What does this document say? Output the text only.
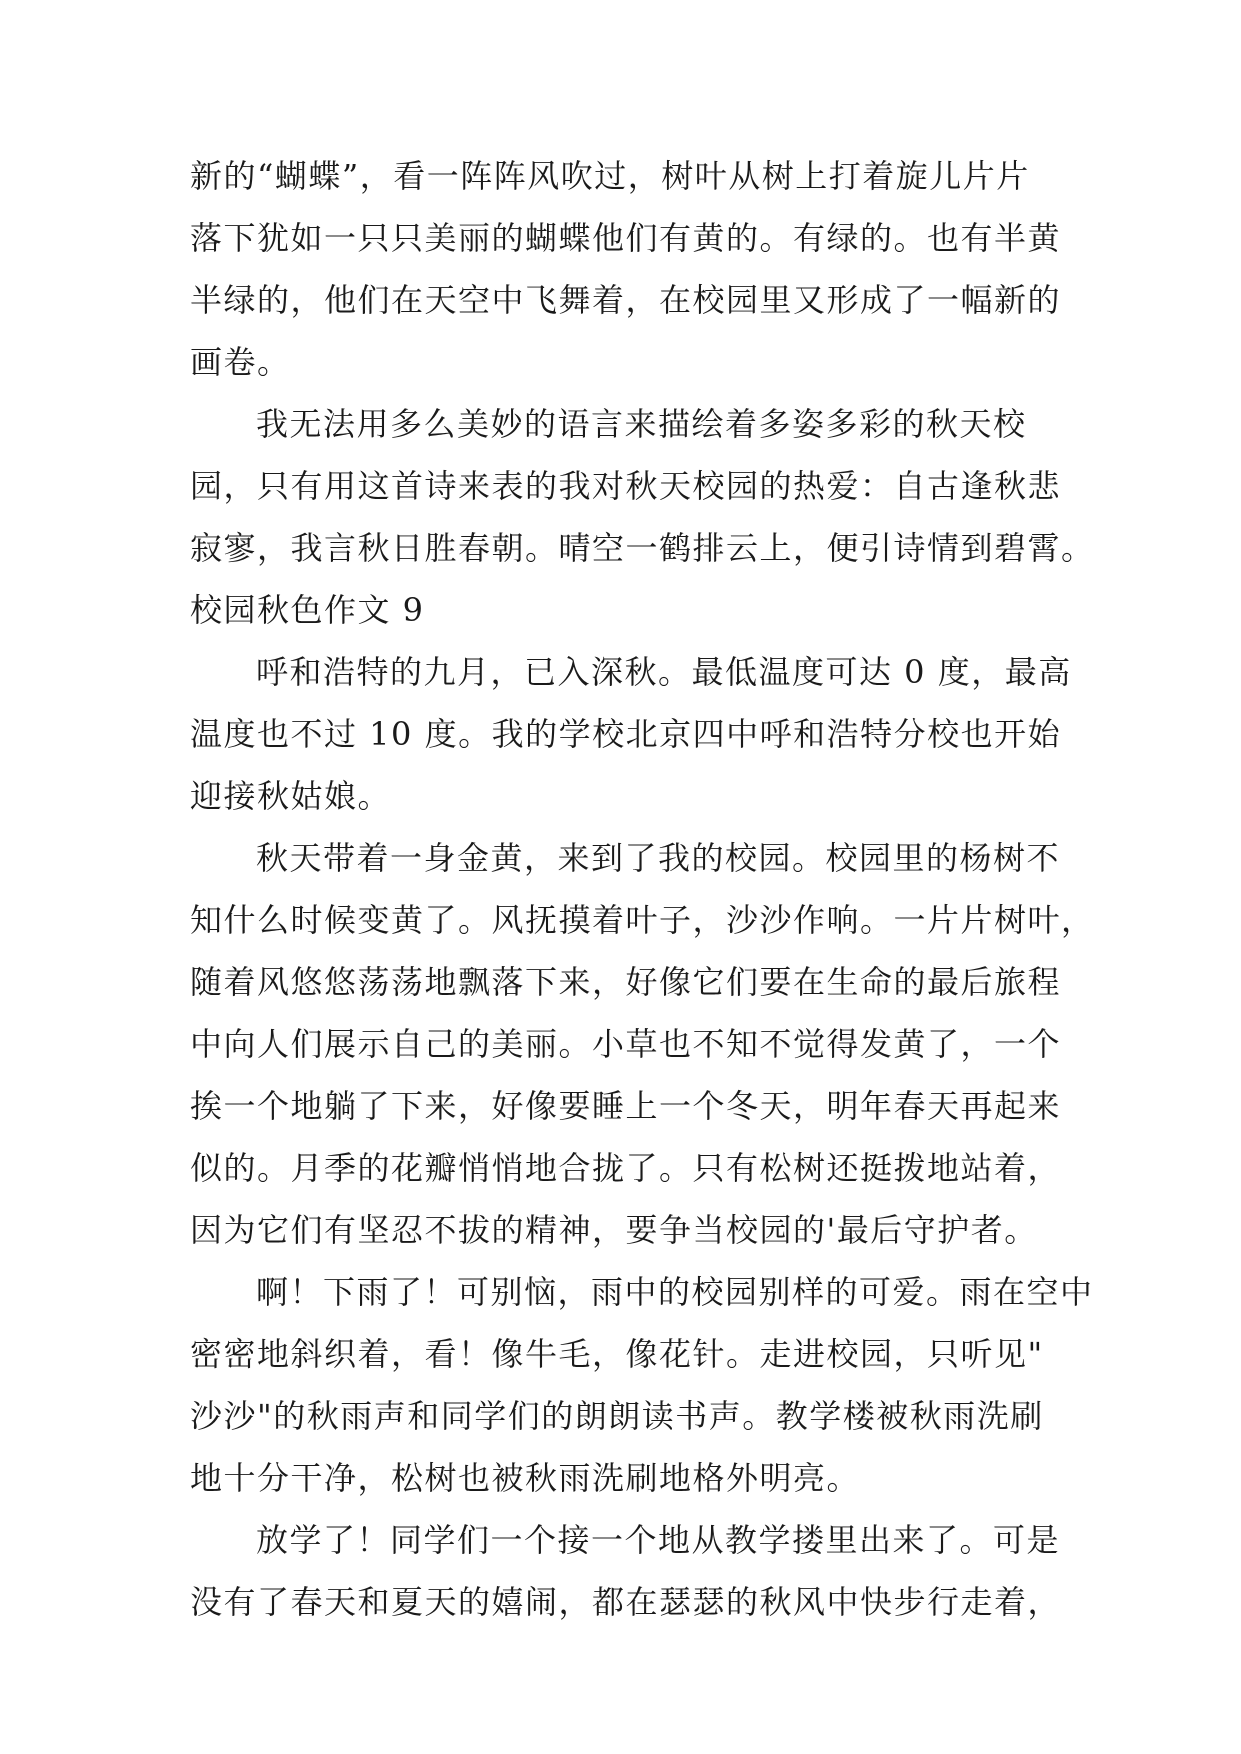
新的“蝴蝶”，看一阵阵风吹过，树叶从树上打着旋儿片片
落下犹如一只只美丽的蝴蝶他们有黄的。有绿的。也有半黄
半绿的，他们在天空中飞舞着，在校园里又形成了一幅新的
画卷。
我无法用多么美妙的语言来描绘着多姿多彩的秋天校
园，只有用这首诗来表的我对秋天校园的热爱：自古逢秋悲
寂寥，我言秋日胜春朝。晴空一鹤排云上，便引诗情到碧霄。
校园秋色作文 9
呼和浩特的九月，已入深秋。最低温度可达 0 度，最高
温度也不过 10 度。我的学校北京四中呼和浩特分校也开始
迎接秋姑娘。
秋天带着一身金黄，来到了我的校园。校园里的杨树不
知什么时候变黄了。风抚摸着叶子，沙沙作响。一片片树叶，
随着风悠悠荡荡地飘落下来，好像它们要在生命的最后旅程
中向人们展示自己的美丽。小草也不知不觉得发黄了，一个
挨一个地躺了下来，好像要睡上一个冬天，明年春天再起来
似的。月季的花瓣悄悄地合拢了。只有松树还挺拨地站着，
因为它们有坚忍不拔的精神，要争当校园的'最后守护者。
啊！下雨了！可别恼，雨中的校园别样的可爱。雨在空中
密密地斜织着，看！像牛毛，像花针。走进校园，只听见"
沙沙"的秋雨声和同学们的朗朗读书声。教学楼被秋雨洗刷
地十分干净，松树也被秋雨洗刷地格外明亮。
放学了！同学们一个接一个地从教学搂里出来了。可是
没有了春天和夏天的嬉闹，都在瑟瑟的秋风中快步行走着，
